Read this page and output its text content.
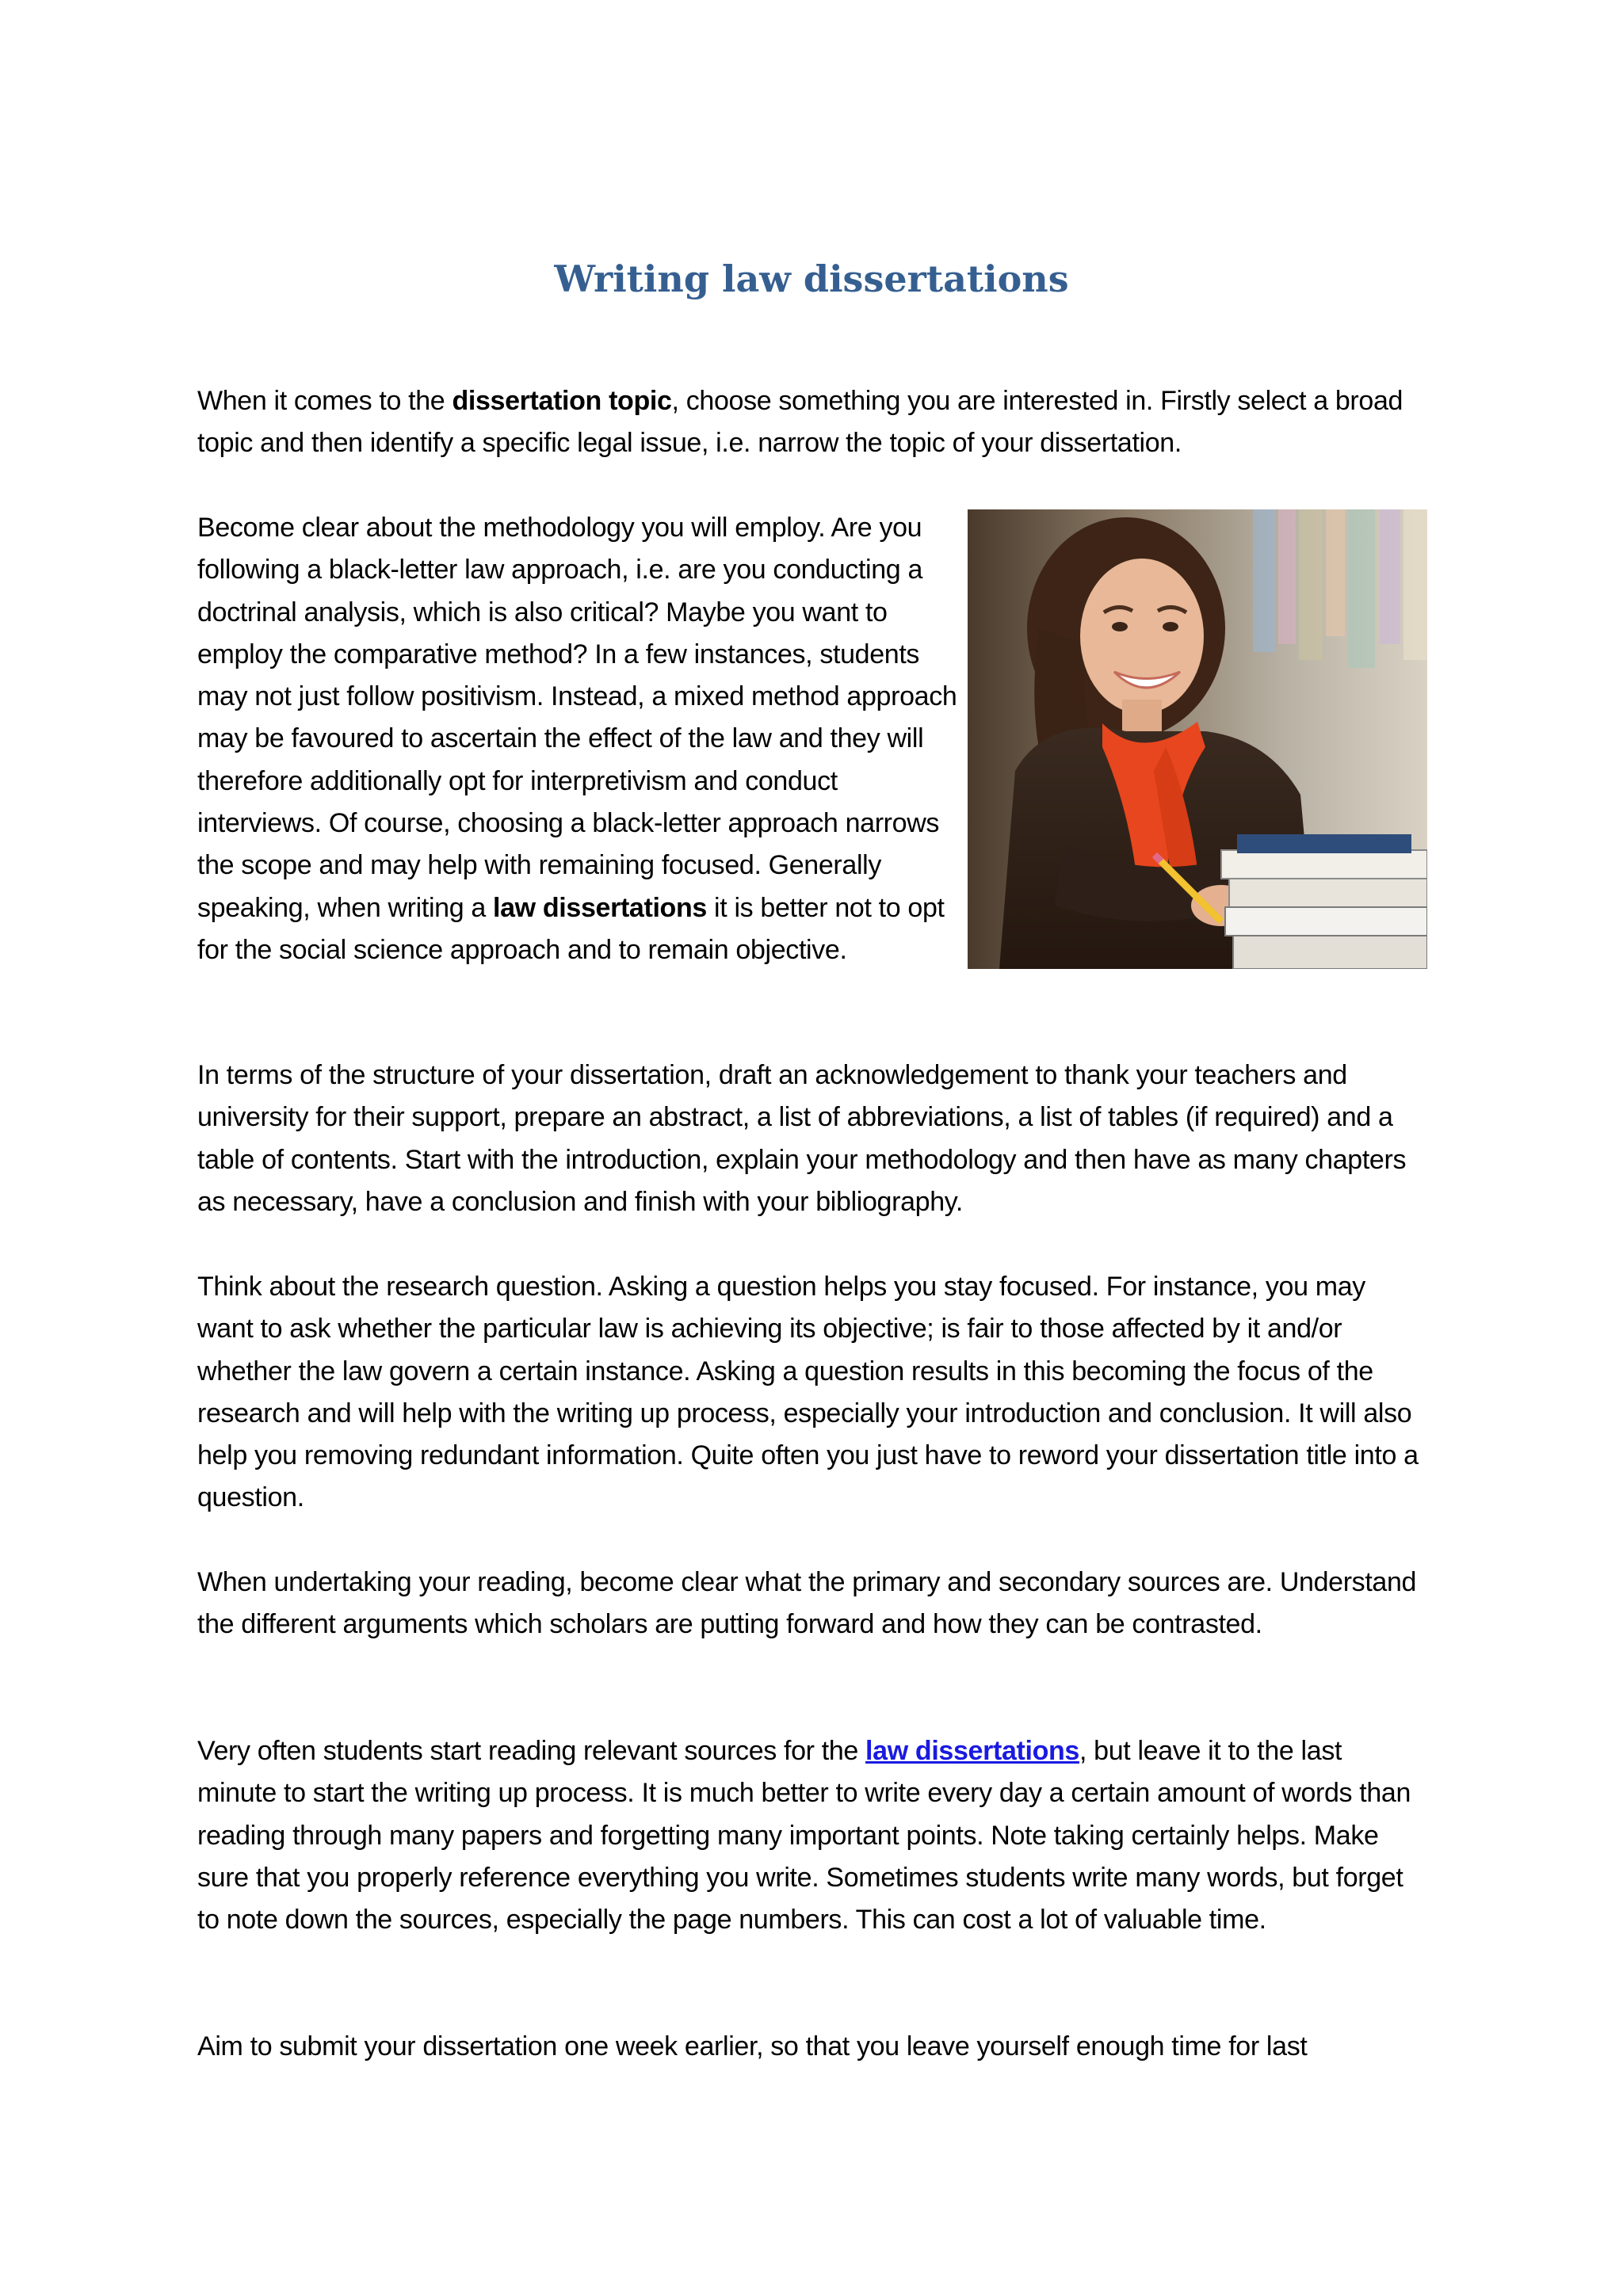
Writing law dissertations

When it comes to the dissertation topic, choose something you are interested in. Firstly select a broad topic and then identify a specific legal issue, i.e. narrow the topic of your dissertation.

Become clear about the methodology you will employ. Are you following a black-letter law approach, i.e. are you conducting a doctrinal analysis, which is also critical? Maybe you want to employ the comparative method? In a few instances, students may not just follow positivism. Instead, a mixed method approach may be favoured to ascertain the effect of the law and they will therefore additionally opt for interpretivism and conduct interviews. Of course, choosing a black-letter approach narrows the scope and may help with remaining focused. Generally speaking, when writing a law dissertations it is better not to opt for the social science approach and to remain objective.

In terms of the structure of your dissertation, draft an acknowledgement to thank your teachers and university for their support, prepare an abstract, a list of abbreviations, a list of tables (if required) and a table of contents. Start with the introduction, explain your methodology and then have as many chapters as necessary, have a conclusion and finish with your bibliography.

Think about the research question. Asking a question helps you stay focused. For instance, you may want to ask whether the particular law is achieving its objective; is fair to those affected by it and/or whether the law govern a certain instance. Asking a question results in this becoming the focus of the research and will help with the writing up process, especially your introduction and conclusion. It will also help you removing redundant information. Quite often you just have to reword your dissertation title into a question.

When undertaking your reading, become clear what the primary and secondary sources are. Understand the different arguments which scholars are putting forward and how they can be contrasted.

Very often students start reading relevant sources for the law dissertations, but leave it to the last minute to start the writing up process. It is much better to write every day a certain amount of words than reading through many papers and forgetting many important points. Note taking certainly helps. Make sure that you properly reference everything you write. Sometimes students write many words, but forget to note down the sources, especially the page numbers. This can cost a lot of valuable time.

Aim to submit your dissertation one week earlier, so that you leave yourself enough time for last
